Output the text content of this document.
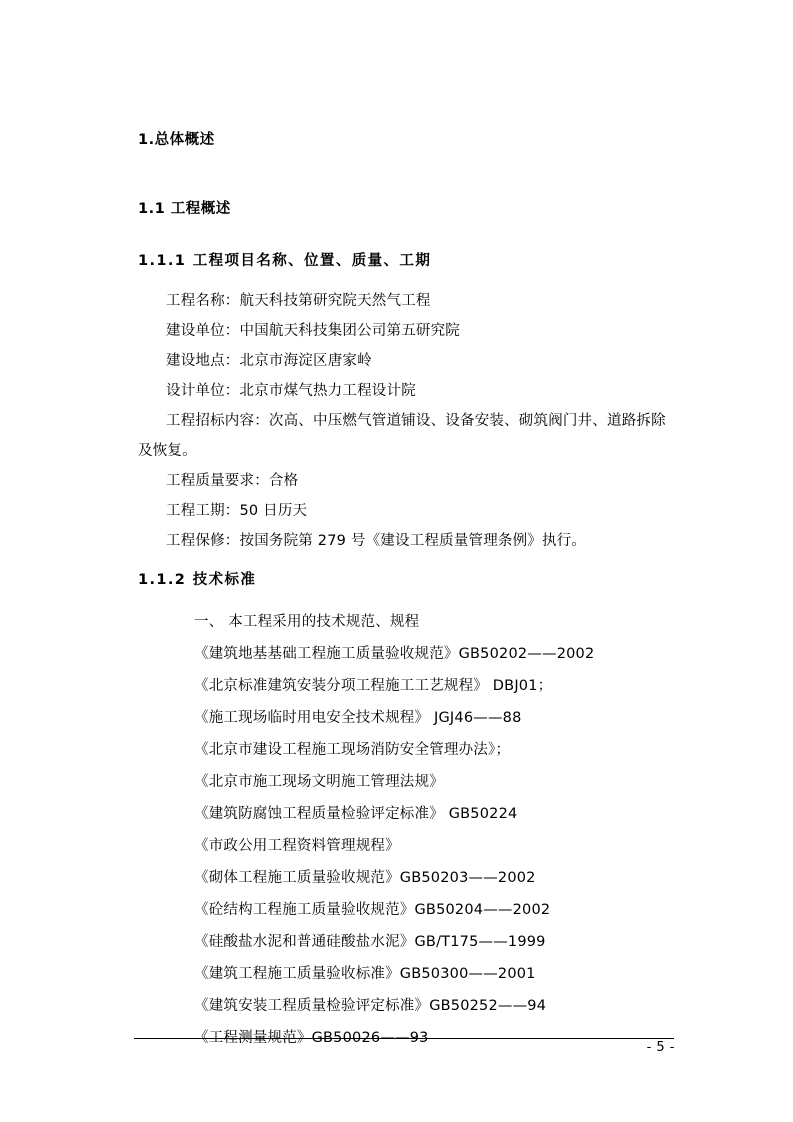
1.总体概述
1.1 工程概述
1.1.1 工程项目名称、位置、质量、工期
工程名称：航天科技第研究院天然气工程
建设单位：中国航天科技集团公司第五研究院
建设地点：北京市海淀区唐家岭
设计单位：北京市煤气热力工程设计院
工程招标内容：次高、中压燃气管道铺设、设备安装、砌筑阀门井、道路拆除及恢复。
工程质量要求：合格
工程工期：50 日历天
工程保修：按国务院第 279 号《建设工程质量管理条例》执行。
1.1.2 技术标准
一、 本工程采用的技术规范、规程
《建筑地基基础工程施工质量验收规范》GB50202——2002
《北京标准建筑安装分项工程施工工艺规程》 DBJ01；
《施工现场临时用电安全技术规程》 JGJ46——88
《北京市建设工程施工现场消防安全管理办法》；
《北京市施工现场文明施工管理法规》
《建筑防腐蚀工程质量检验评定标准》 GB50224
《市政公用工程资料管理规程》
《砌体工程施工质量验收规范》GB50203——2002
《砼结构工程施工质量验收规范》GB50204——2002
《硅酸盐水泥和普通硅酸盐水泥》GB/T175——1999
《建筑工程施工质量验收标准》GB50300——2001
《建筑安装工程质量检验评定标准》GB50252——94
《工程测量规范》GB50026——93
- 5 -
